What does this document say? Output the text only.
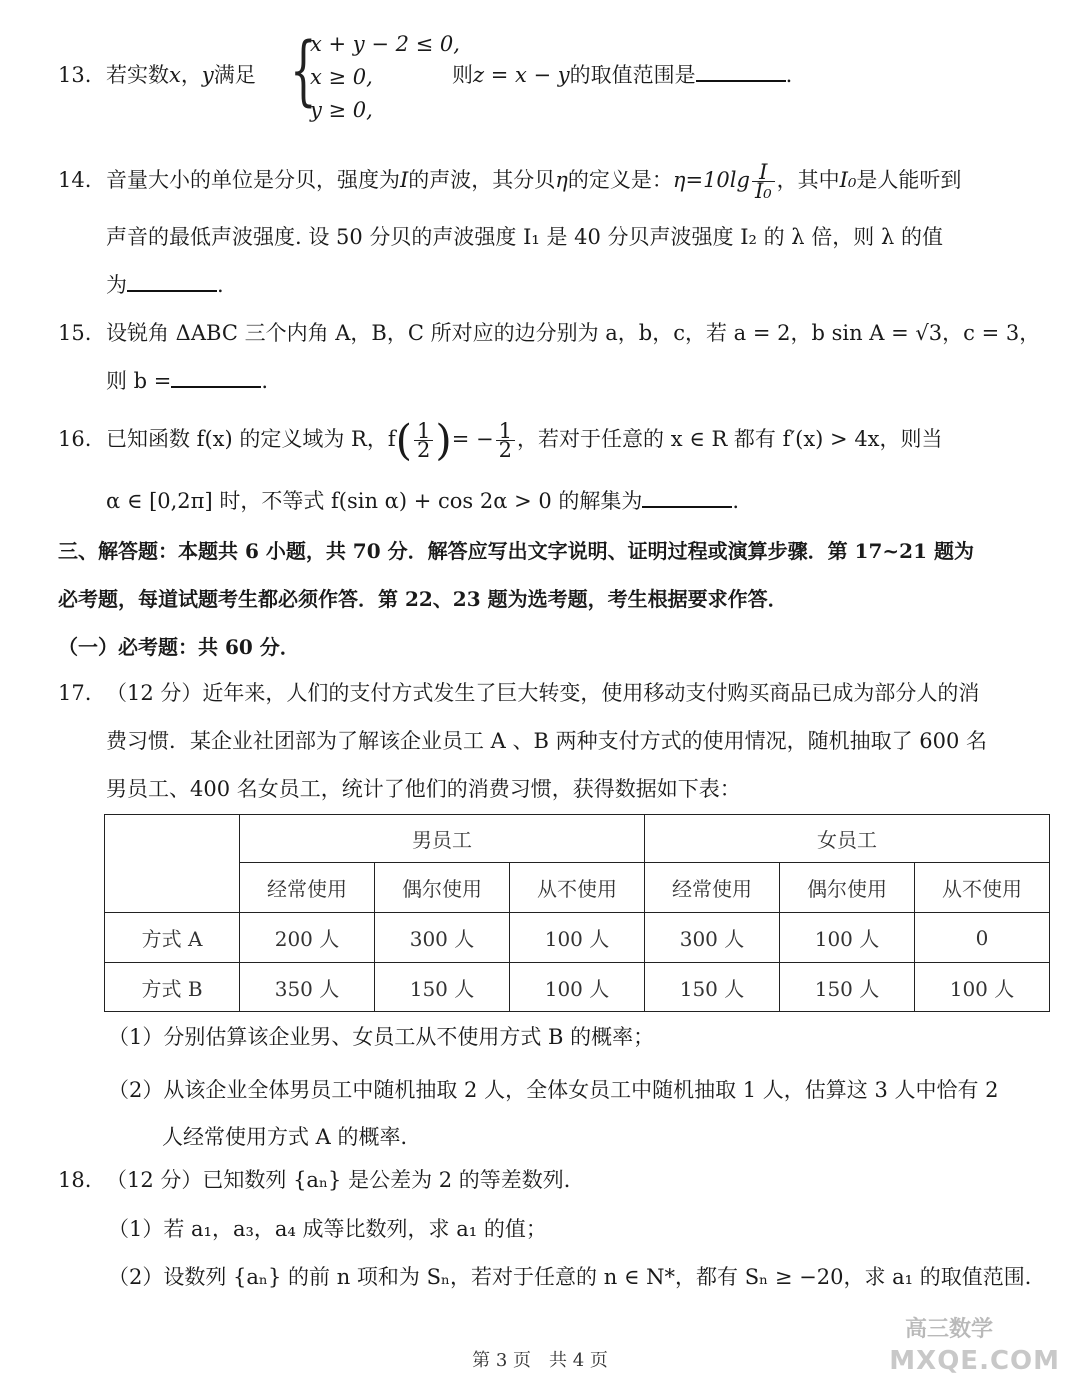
13. 若实数x，y满足 {
x + y − 2 ≤ 0,
x ≥ 0,
y ≥ 0,
则z = x − y的取值范围是	.
14. 音量大小的单位是分贝，强度为I的声波，其分贝η的定义是：$\eta=10\lg \frac{I}{\text{I₀}}$ ，其中I₀是人能听到
声音的最低声波强度. 设 50 分贝的声波强度 I₁ 是 40 分贝声波强度 I₂ 的 λ 倍，则 λ 的值
为	.
15. 设锐角 ΔABC 三个内角 A，B，C 所对应的边分别为 a，b，c，若 a = 2，b sin A = √3，c = 3，
则 b =	.
16. 已知函数 f(x) 的定义域为 R，$f( \frac{1}{2}$ )= − $\frac{1}{2}$ ，若对于任意的 x ∈ R 都有 f′(x) > 4x，则当
α ∈ [0,2π] 时，不等式 f(sin α) + cos 2α > 0 的解集为	.
三、解答题：本题共 6 小题，共 70 分．解答应写出文字说明、证明过程或演算步骤．第 17~21 题为
必考题，每道试题考生都必须作答．第 22、23 题为选考题，考生根据要求作答．
（一）必考题：共 60 分．
17. （12 分）近年来，人们的支付方式发生了巨大转变，使用移动支付购买商品已成为部分人的消
费习惯．某企业社团部为了解该企业员工 A 、B 两种支付方式的使用情况，随机抽取了 600 名
男员工、400 名女员工，统计了他们的消费习惯，获得数据如下表：
	男员工			女员工		
	经常使用	偶尔使用	从不使用	经常使用	偶尔使用	从不使用
方式 A	200 人	300 人	100 人	300 人	100 人	0
方式 B	350 人	150 人	100 人	150 人	150 人	100 人
（1）分别估算该企业男、女员工从不使用方式 B 的概率；
（2）从该企业全体男员工中随机抽取 2 人，全体女员工中随机抽取 1 人，估算这 3 人中恰有 2
人经常使用方式 A 的概率．
18. （12 分）已知数列 {aₙ} 是公差为 2 的等差数列．
（1）若 a₁，a₃，a₄ 成等比数列，求 a₁ 的值；
（2）设数列 {aₙ} 的前 n 项和为 Sₙ，若对于任意的 n ∈ N*，都有 Sₙ ≥ −20，求 a₁ 的取值范围．
高三数学
MXQE.COM
第 3 页　共 4 页
